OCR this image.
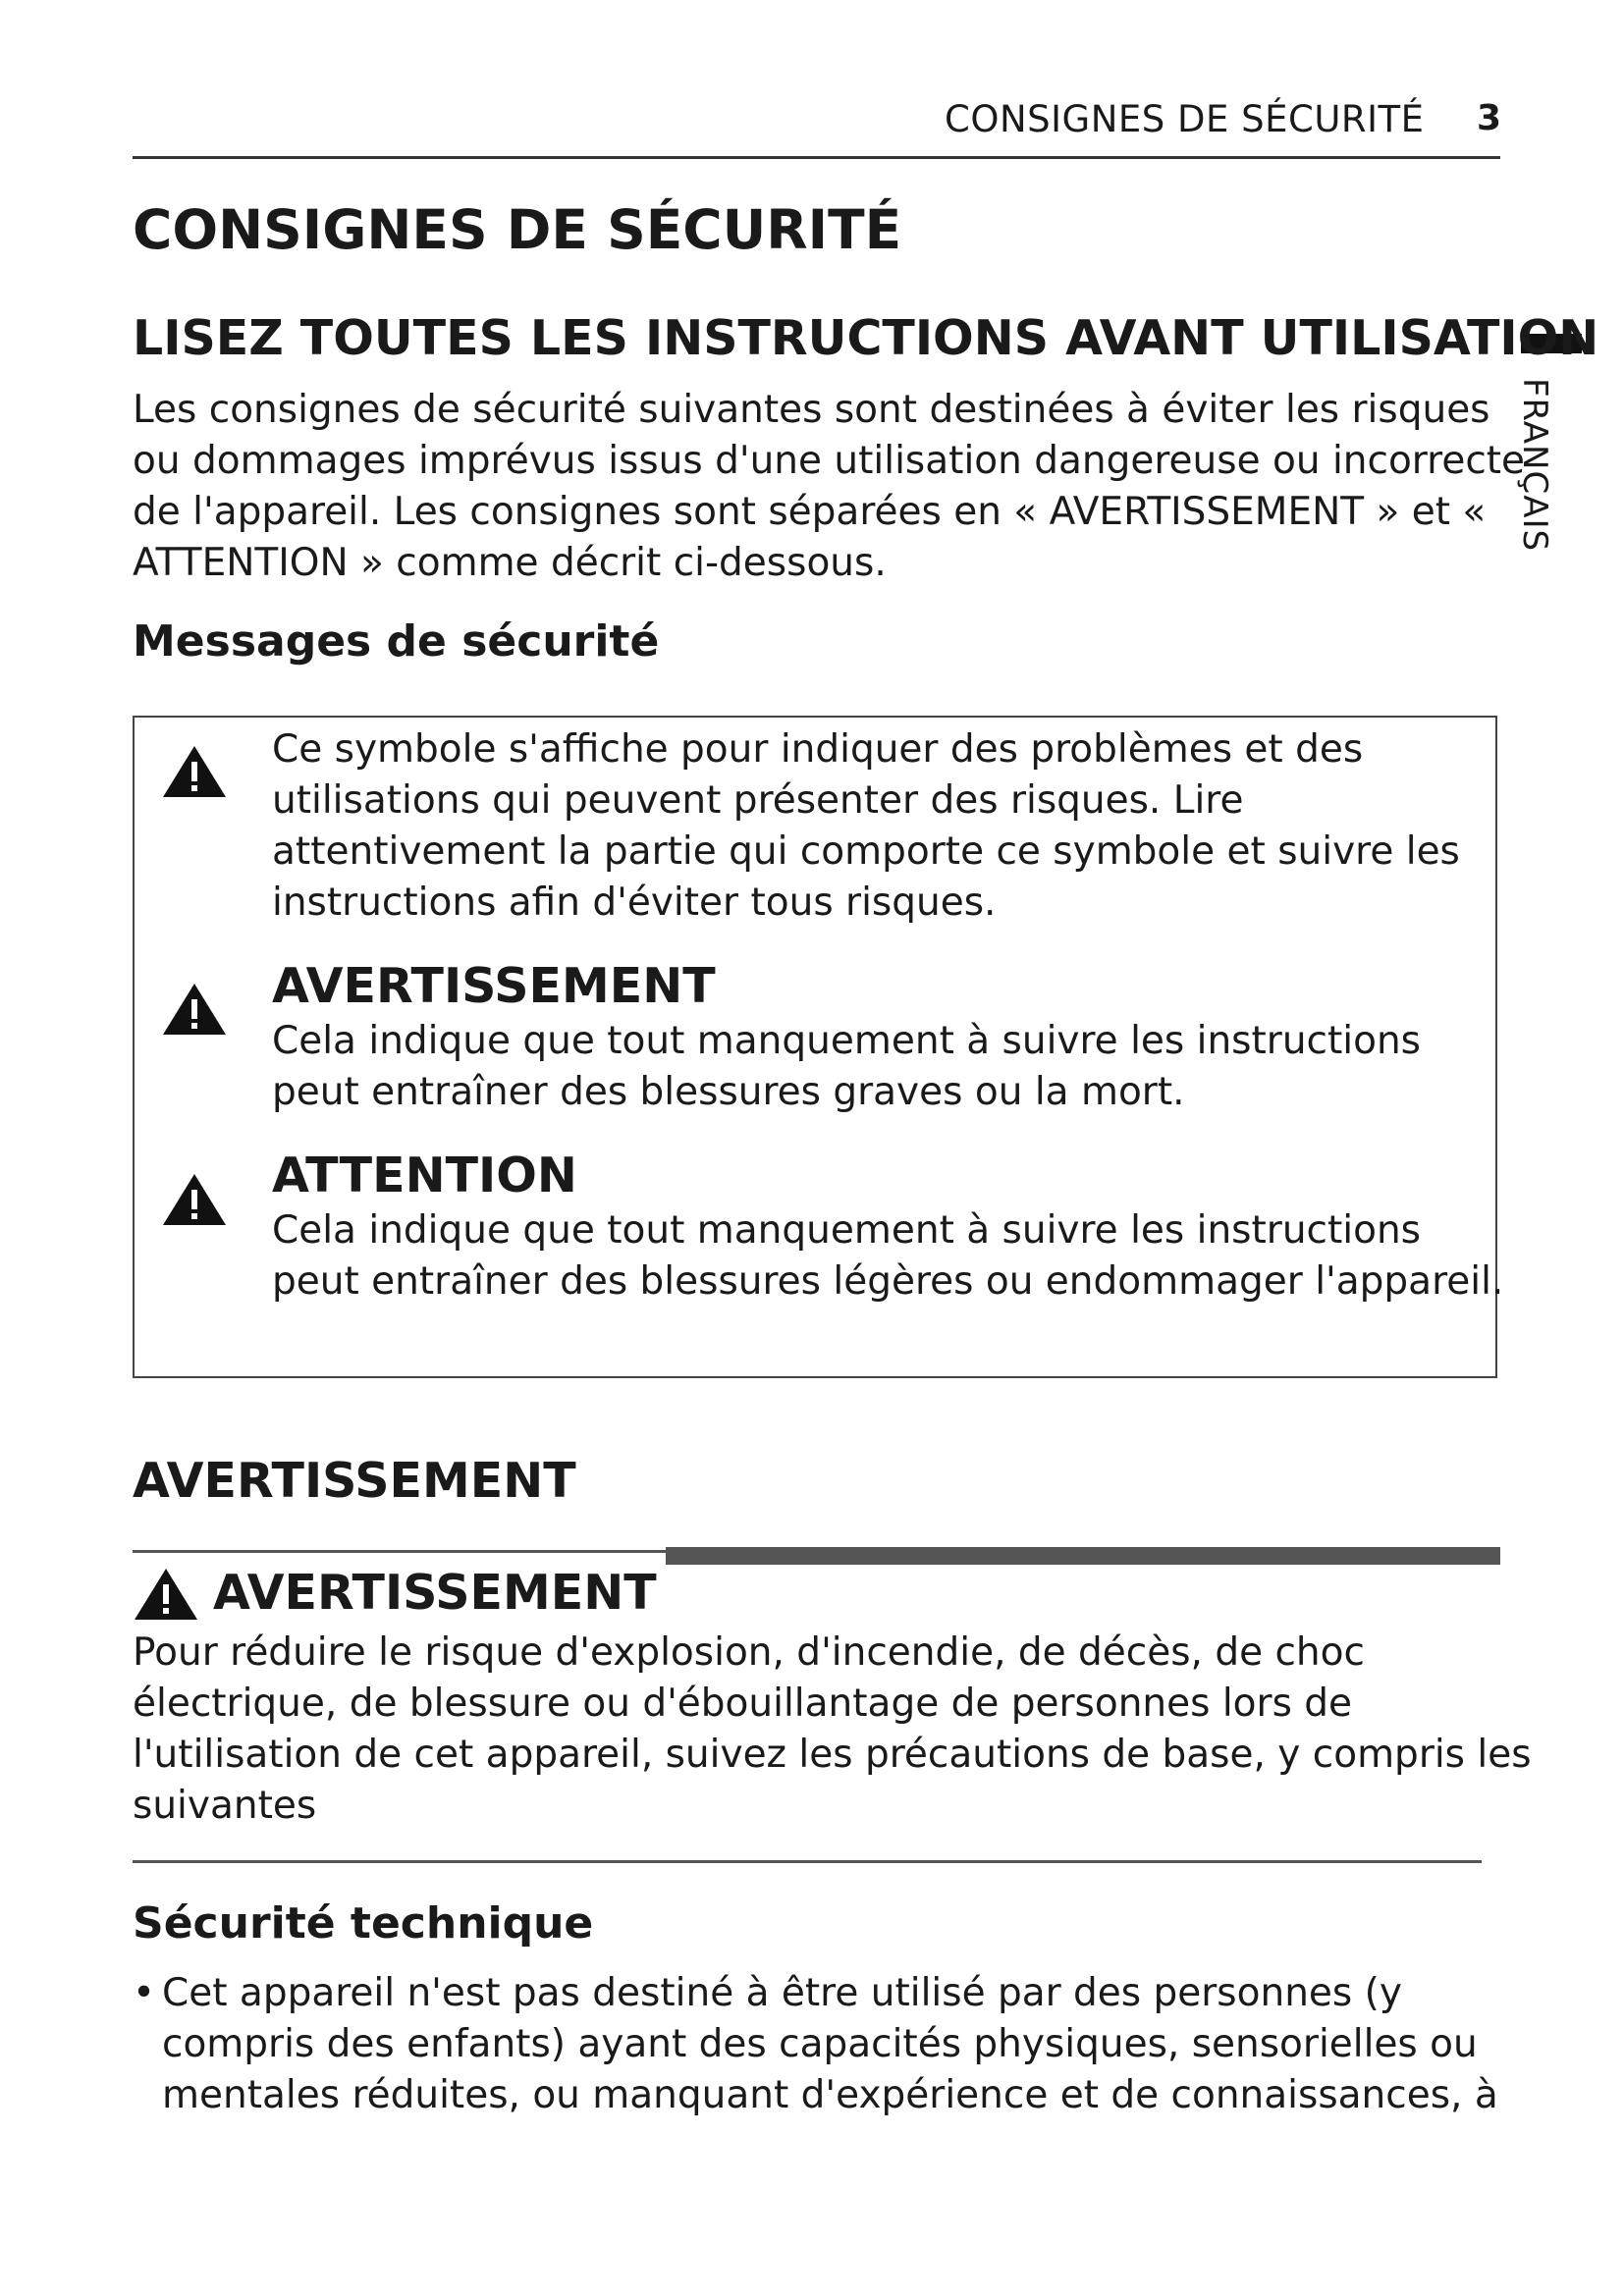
CONSIGNES DE SÉCURITÉ 3
FRANÇAIS
CONSIGNES DE SÉCURITÉ
LISEZ TOUTES LES INSTRUCTIONS AVANT UTILISATION
Les consignes de sécurité suivantes sont destinées à éviter les risques ou dommages imprévus issus d'une utilisation dangereuse ou incorrecte de l'appareil. Les consignes sont séparées en « AVERTISSEMENT » et « ATTENTION » comme décrit ci-dessous.
Messages de sécurité
Ce symbole s'affiche pour indiquer des problèmes et des utilisations qui peuvent présenter des risques. Lire attentivement la partie qui comporte ce symbole et suivre les instructions afin d'éviter tous risques.
AVERTISSEMENT
Cela indique que tout manquement à suivre les instructions peut entraîner des blessures graves ou la mort.
ATTENTION
Cela indique que tout manquement à suivre les instructions peut entraîner des blessures légères ou endommager l'appareil.
AVERTISSEMENT
AVERTISSEMENT
Pour réduire le risque d'explosion, d'incendie, de décès, de choc électrique, de blessure ou d'ébouillantage de personnes lors de l'utilisation de cet appareil, suivez les précautions de base, y compris les suivantes
Sécurité technique
• Cet appareil n'est pas destiné à être utilisé par des personnes (y compris des enfants) ayant des capacités physiques, sensorielles ou mentales réduites, ou manquant d'expérience et de connaissances, à
